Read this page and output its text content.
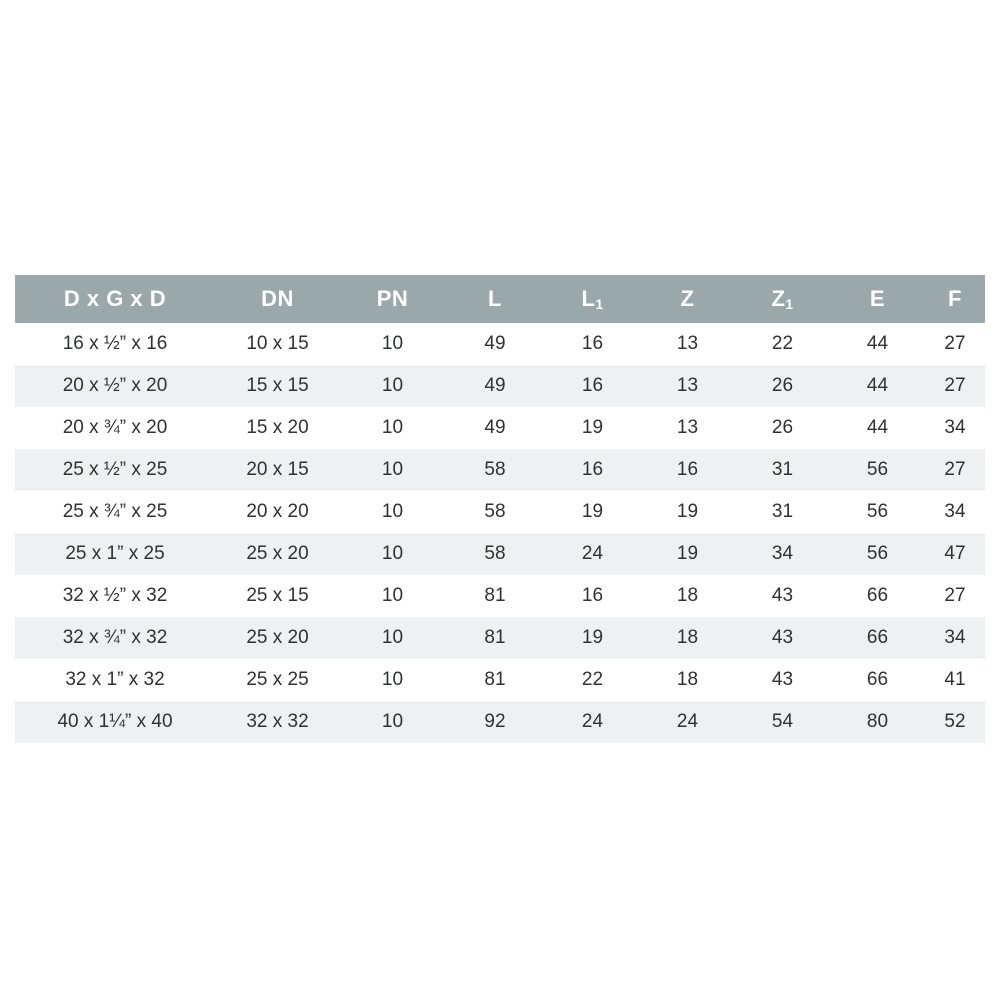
D x G x D	DN	PN	L	$L_1$	Z	$Z_1$	E	F
16 x ½” x 16	10 x 15	10	49	16	13	22	44	27
20 x ½” x 20	15 x 15	10	49	16	13	26	44	27
20 x ¾” x 20	15 x 20	10	49	19	13	26	44	34
25 x ½” x 25	20 x 15	10	58	16	16	31	56	27
25 x ¾” x 25	20 x 20	10	58	19	19	31	56	34
25 x 1” x 25	25 x 20	10	58	24	19	34	56	47
32 x ½” x 32	25 x 15	10	81	16	18	43	66	27
32 x ¾” x 32	25 x 20	10	81	19	18	43	66	34
32 x 1” x 32	25 x 25	10	81	22	18	43	66	41
40 x 1¼” x 40	32 x 32	10	92	24	24	54	80	52
